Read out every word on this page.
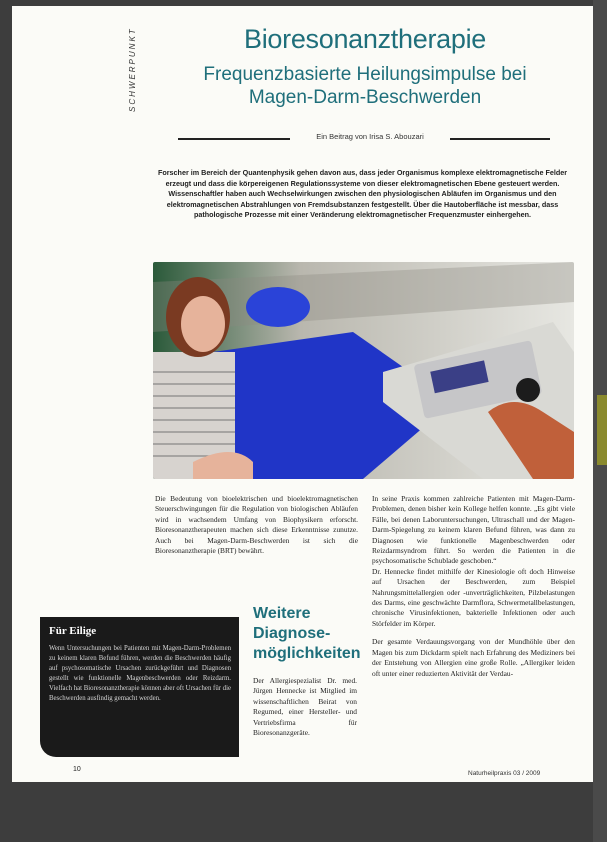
SCHWERPUNKT	Bioresonanztherapie
Frequenzbasierte Heilungsimpulse bei
Magen-Darm-Beschwerden
Ein Beitrag von Irisa S. Abouzari
Forscher im Bereich der Quantenphysik gehen davon aus, dass jeder Organismus komplexe elektromagnetische Felder erzeugt und dass die körpereigenen Regulationssysteme von dieser elektromagnetischen Ebene gesteuert werden. Wissenschaftler haben auch Wechselwirkungen zwischen den physiologischen Abläufen im Organismus und den elektromagnetischen Abstrahlungen von Fremdsubstanzen festgestellt. Über die Hautoberfläche ist messbar, dass pathologische Prozesse mit einer Veränderung elektromagnetischer Frequenzmuster einhergehen.

Die Bedeutung von bioelektrischen und bioelektromagnetischen Steuerschwingungen für die Regulation von biologischen Abläufen wird in wachsendem Umfang von Biophysikern erforscht. Bioresonanztherapeuten machen sich diese Erkenntnisse zunutze. Auch bei Magen-Darm-Beschwerden ist sich die Bioresonanztherapie (BRT) bewährt.

Für Eilige
Wenn Untersuchungen bei Patienten mit Magen-Darm-Problemen zu keinem klaren Befund führen, werden die Beschwerden häufig auf psychosomatische Ursachen zurückgeführt und Diagnosen gestellt wie funktionelle Magenbeschwerden oder Reizdarm. Vielfach hat Bioresonanztherapie können aber oft Ursachen für die Beschwerden ausfindig gemacht werden.
Weitere Diagnose-möglichkeiten

Der Allergiespezialist Dr. med. Jürgen Hennecke ist Mitglied im wissenschaftlichen Beirat von Regumed, einer Hersteller- und Vertriebsfirma für Bioresonanzgeräte.

In seine Praxis kommen zahlreiche Patienten mit Magen-Darm-Problemen, denen bisher kein Kollege helfen konnte. „Es gibt viele Fälle, bei denen Laboruntersuchungen, Ultraschall und der Magen-Darm-Spiegelung zu keinem klaren Befund führen, was dann zu Diagnosen wie funktionelle Magenbeschwerden oder Reizdarmsyndrom führt. So werden die Patienten in die psychosomatische Schublade geschoben.“

Dr. Hennecke findet mithilfe der Kinesiologie oft doch Hinweise auf Ursachen der Beschwerden, zum Beispiel Nahrungsmittelallergien oder -unverträglichkeiten, Pilzbelastungen des Darms, eine geschwächte Darmflora, Schwermetallbelastungen, chronische Virusinfektionen, bakterielle Infektionen oder auch Störfelder im Körper.

Der gesamte Verdauungsvorgang von der Mundhöhle über den Magen bis zum Dickdarm spielt nach Erfahrung des Mediziners bei der Entstehung von Allergien eine große Rolle. „Allergiker leiden oft unter einer reduzierten Aktivität der Verdau-

10
Naturheilpraxis 03 / 2009
